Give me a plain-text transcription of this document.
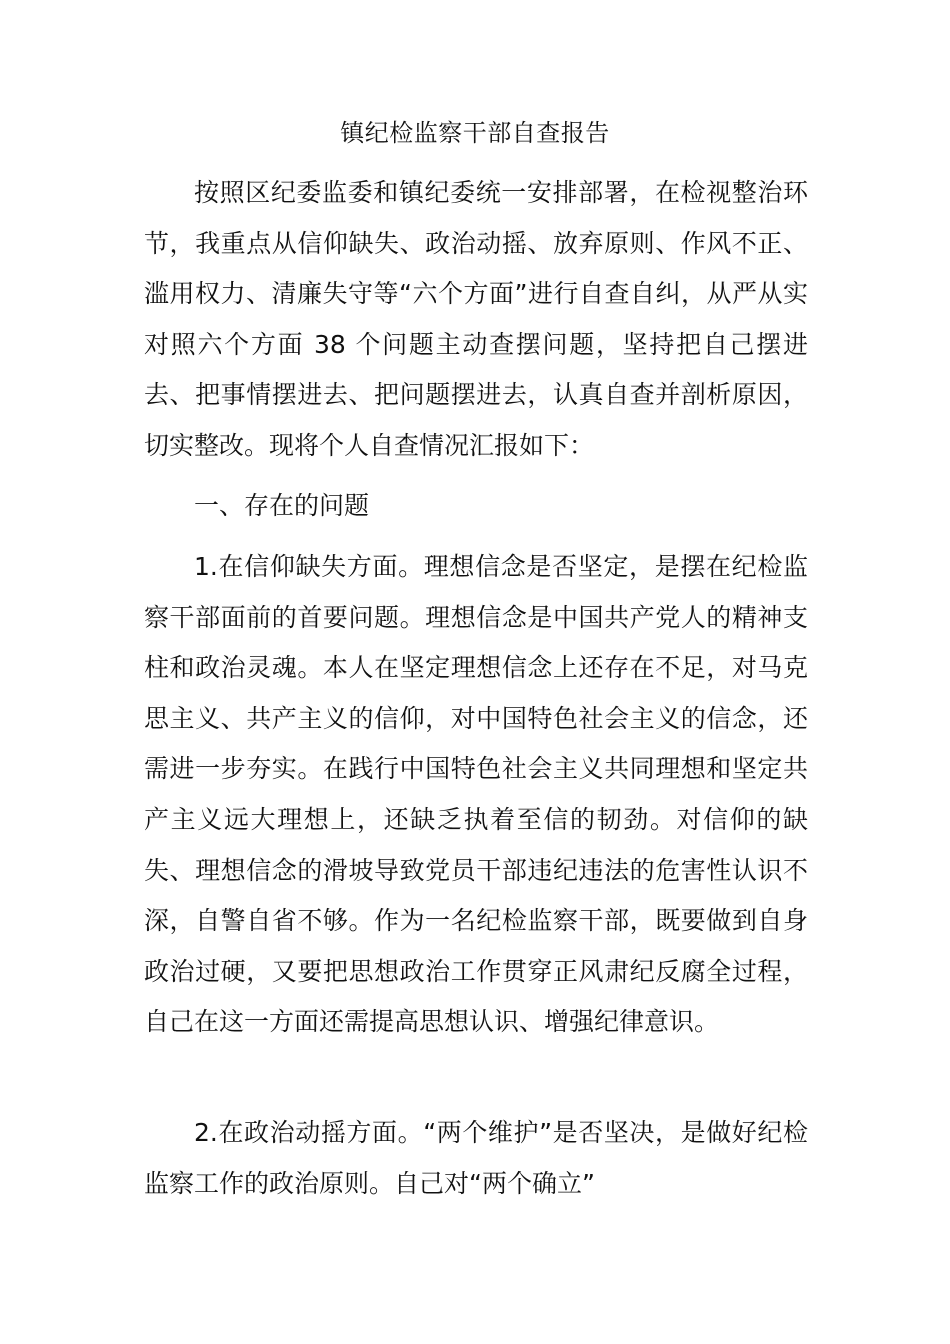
镇纪检监察干部自查报告

按照区纪委监委和镇纪委统一安排部署，在检视整治环节，我重点从信仰缺失、政治动摇、放弃原则、作风不正、滥用权力、清廉失守等“六个方面”进行自查自纠，从严从实对照六个方面 38 个问题主动查摆问题，坚持把自己摆进去、把事情摆进去、把问题摆进去，认真自查并剖析原因，切实整改。现将个人自查情况汇报如下：

一、存在的问题

1.在信仰缺失方面。理想信念是否坚定，是摆在纪检监察干部面前的首要问题。理想信念是中国共产党人的精神支柱和政治灵魂。本人在坚定理想信念上还存在不足，对马克思主义、共产主义的信仰，对中国特色社会主义的信念，还需进一步夯实。在践行中国特色社会主义共同理想和坚定共产主义远大理想上，还缺乏执着至信的韧劲。对信仰的缺失、理想信念的滑坡导致党员干部违纪违法的危害性认识不深，自警自省不够。作为一名纪检监察干部，既要做到自身政治过硬，又要把思想政治工作贯穿正风肃纪反腐全过程，自己在这一方面还需提高思想认识、增强纪律意识。

2.在政治动摇方面。“两个维护”是否坚决，是做好纪检监察工作的政治原则。自己对“两个确立”
